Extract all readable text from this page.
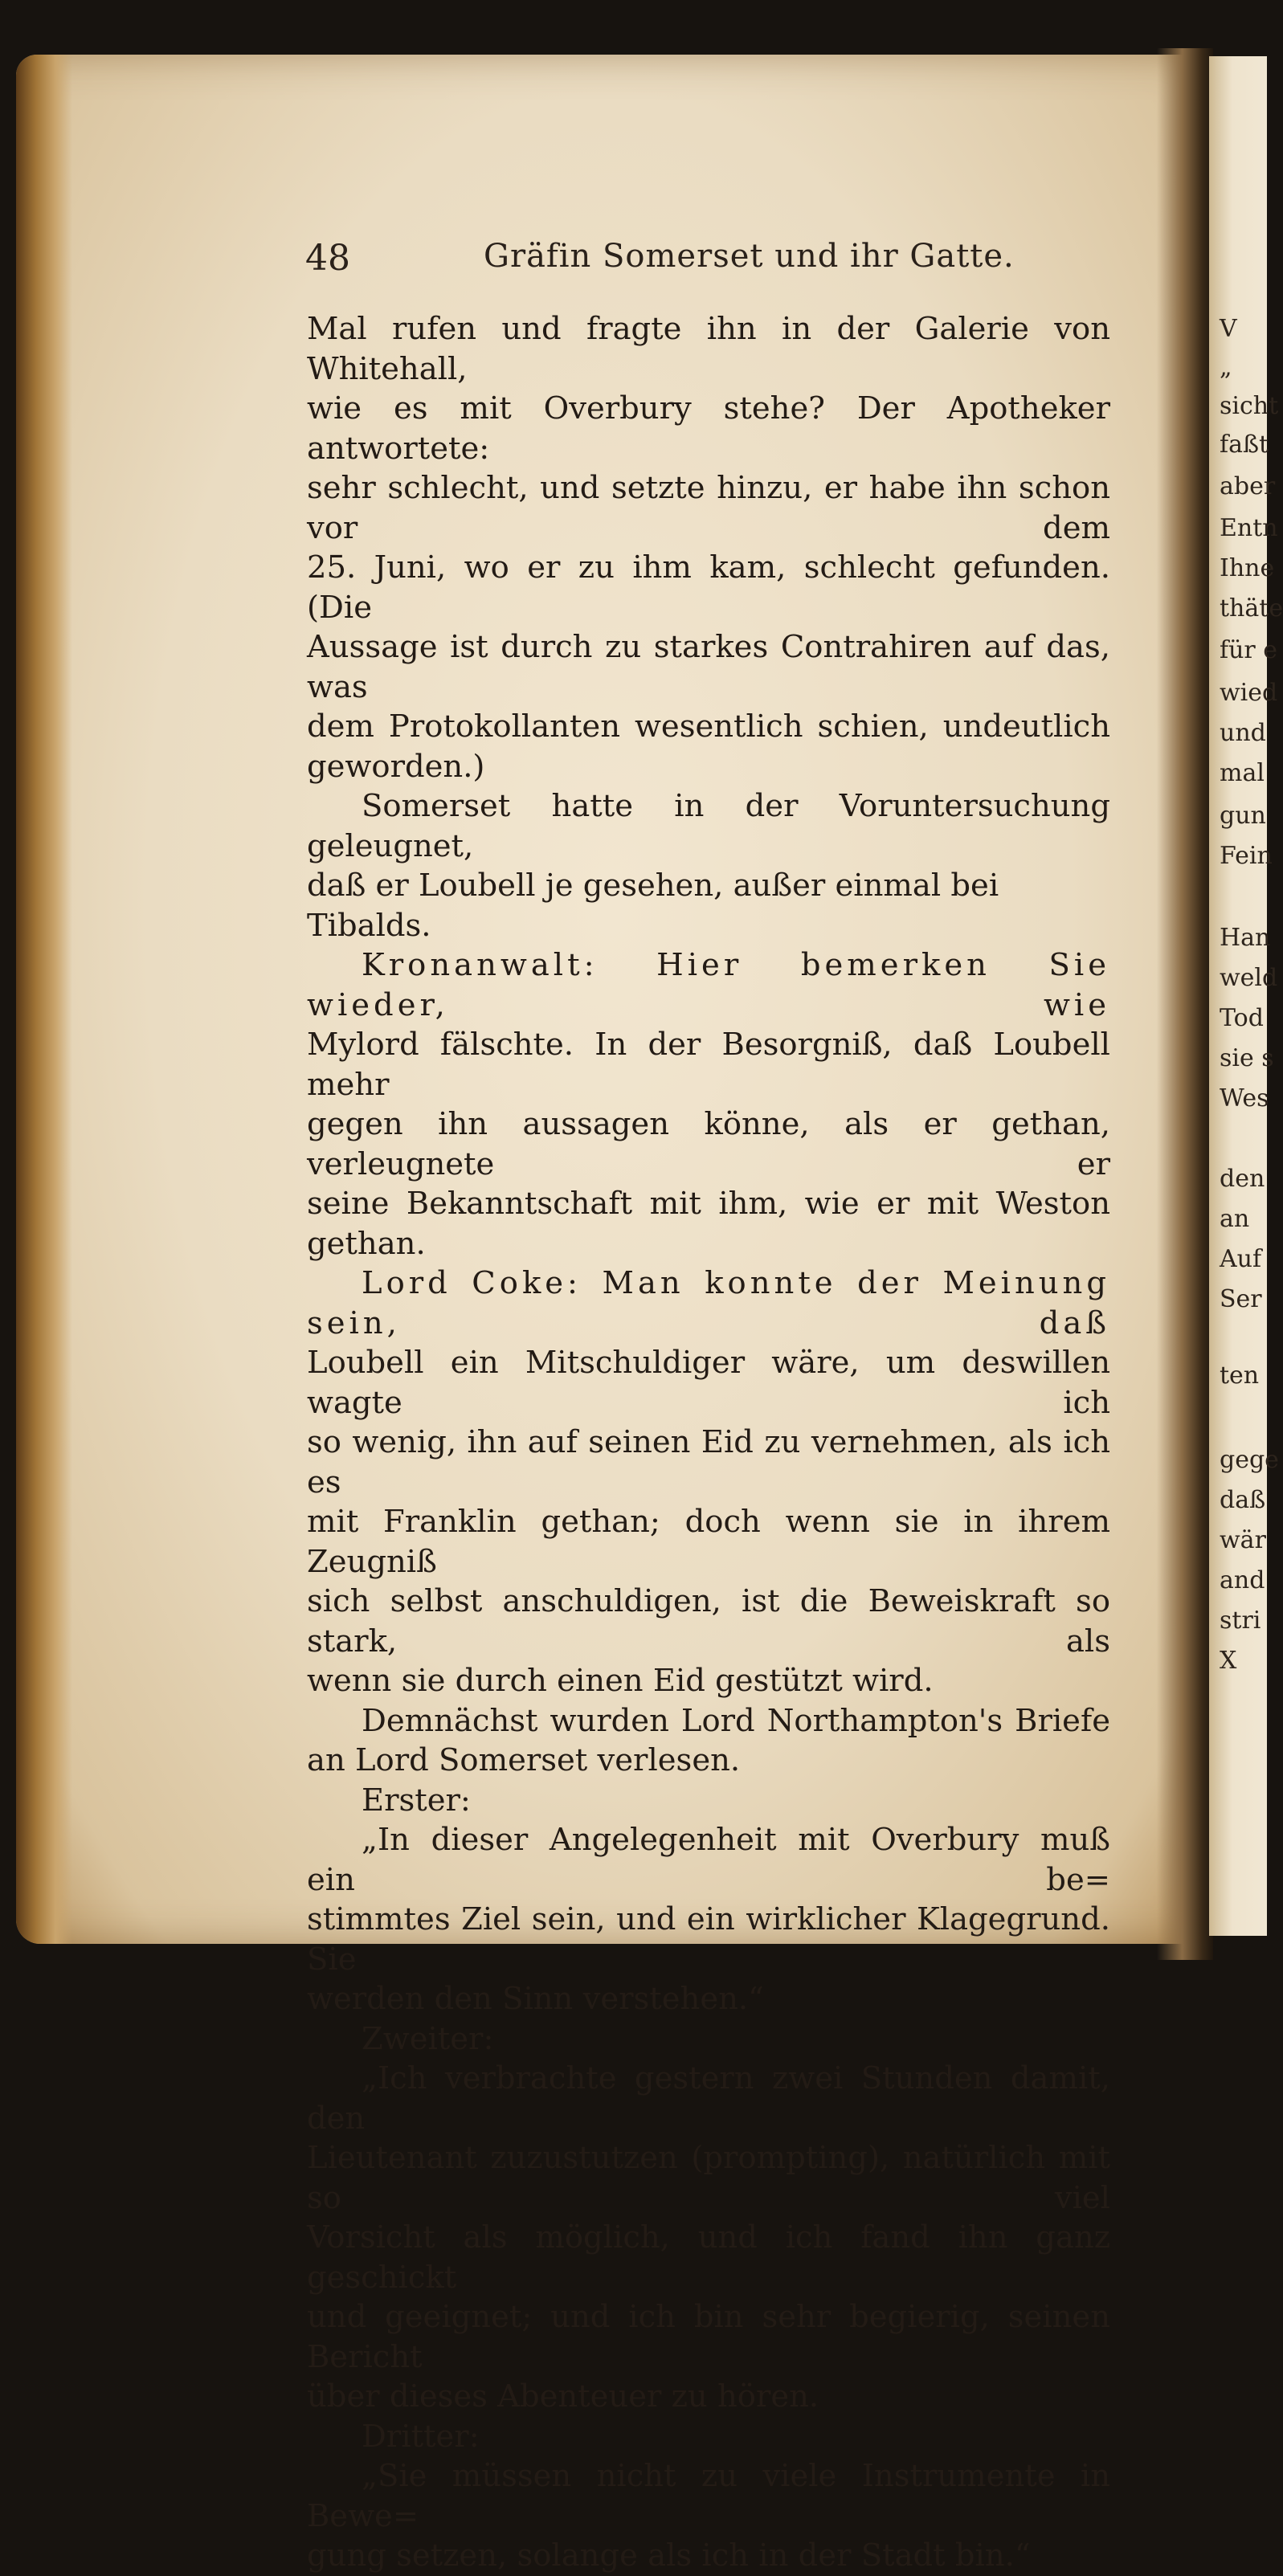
48	Gräfin Somerset und ihr Gatte.

Mal rufen und fragte ihn in der Galerie von Whitehall,

wie es mit Overbury stehe? Der Apotheker antwortete:

sehr schlecht, und setzte hinzu, er habe ihn schon vor dem

25. Juni, wo er zu ihm kam, schlecht gefunden. (Die

Aussage ist durch zu starkes Contrahiren auf das, was

dem Protokollanten wesentlich schien, undeutlich geworden.)

Somerset hatte in der Voruntersuchung geleugnet,

daß er Loubell je gesehen, außer einmal bei Tibalds.

Kronanwalt: Hier bemerken Sie wieder, wie

Mylord fälschte. In der Besorgniß, daß Loubell mehr

gegen ihn aussagen könne, als er gethan, verleugnete er

seine Bekanntschaft mit ihm, wie er mit Weston gethan.

Lord Coke: Man konnte der Meinung sein, daß

Loubell ein Mitschuldiger wäre, um deswillen wagte ich

so wenig, ihn auf seinen Eid zu vernehmen, als ich es

mit Franklin gethan; doch wenn sie in ihrem Zeugniß

sich selbst anschuldigen, ist die Beweiskraft so stark, als

wenn sie durch einen Eid gestützt wird.

Demnächst wurden Lord Northampton's Briefe

an Lord Somerset verlesen.

Erster:

„In dieser Angelegenheit mit Overbury muß ein be=

stimmtes Ziel sein, und ein wirklicher Klagegrund. Sie

werden den Sinn verstehen.“

Zweiter:

„Ich verbrachte gestern zwei Stunden damit, den

Lieutenant zuzustutzen (prompting), natürlich mit so viel

Vorsicht als möglich, und ich fand ihn ganz geschickt

und geeignet; und ich bin sehr begierig, seinen Bericht

über dieses Abenteuer zu hören.

Dritter:

„Sie müssen nicht zu viele Instrumente in Bewe=

gung setzen, solange als ich in der Stadt bin.“

V
„
sicht
faßt
aber
Entn
Ihne
thäte
für e
wied
und
mal
gun
Fein
Han
weld
Tod
sie s
Wes
den
an
Auf
Ser
ten
gege
daß
wär
and
stri
X
